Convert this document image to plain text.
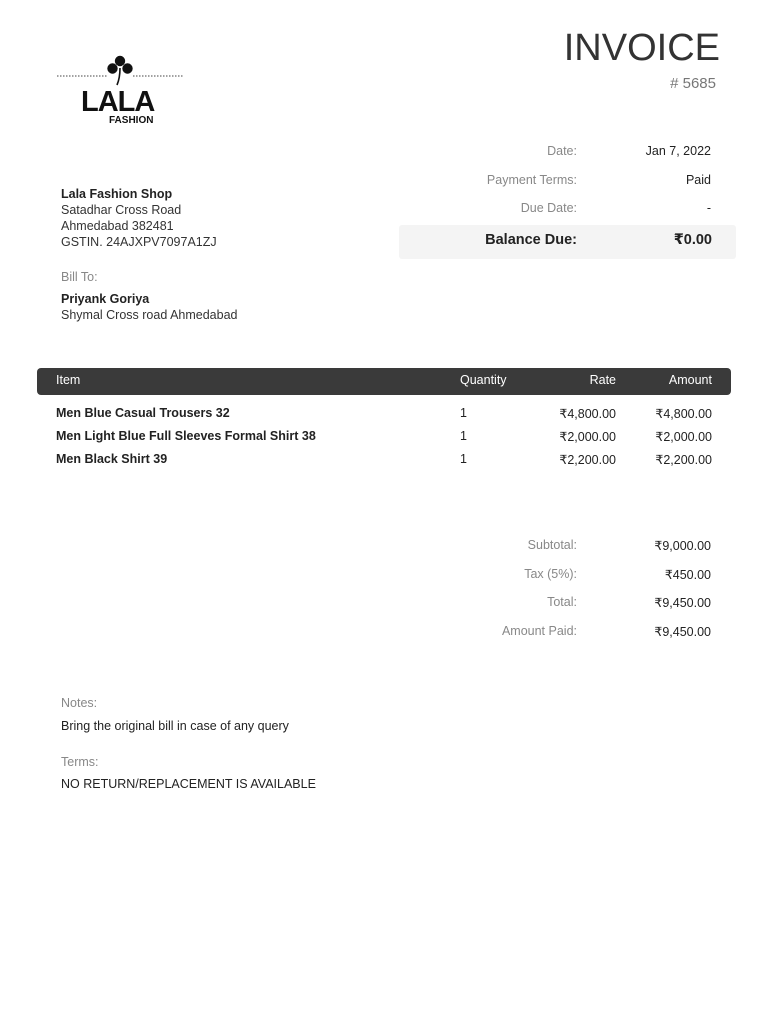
LALA
FASHION
INVOICE
# 5685
Lala Fashion Shop
Satadhar Cross Road
Ahmedabad 382481
GSTIN. 24AJXPV7097A1ZJ
Date:	Jan 7, 2022
Payment Terms:	Paid
Due Date:	-
Balance Due:	₹0.00
Bill To:
Priyank Goriya
Shymal Cross road Ahmedabad
Item	Quantity	Rate	Amount
Men Blue Casual Trousers 32	1	₹4,800.00	₹4,800.00
Men Light Blue Full Sleeves Formal Shirt 38	1	₹2,000.00	₹2,000.00
Men Black Shirt 39	1	₹2,200.00	₹2,200.00
Subtotal:	₹9,000.00
Tax (5%):	₹450.00
Total:	₹9,450.00
Amount Paid:	₹9,450.00
Notes:
Bring the original bill in case of any query
Terms:
NO RETURN/REPLACEMENT IS AVAILABLE
